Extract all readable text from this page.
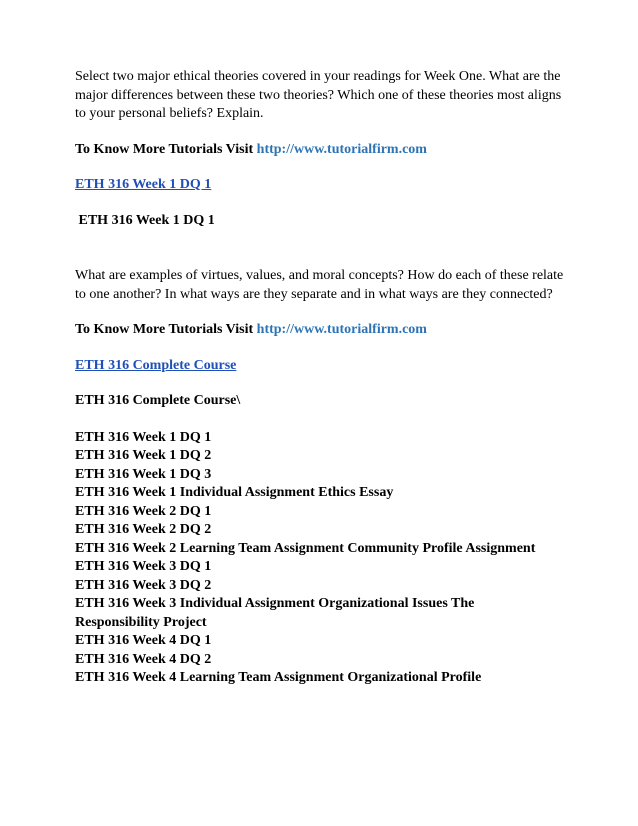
Select two major ethical theories covered in your readings for Week One. What are the major differences between these two theories? Which one of these theories most aligns to your personal beliefs? Explain.

To Know More Tutorials Visit http://www.tutorialfirm.com

ETH 316 Week 1 DQ 1

ETH 316 Week 1 DQ 1

What are examples of virtues, values, and moral concepts? How do each of these relate to one another? In what ways are they separate and in what ways are they connected?

To Know More Tutorials Visit http://www.tutorialfirm.com

ETH 316 Complete Course

ETH 316 Complete Course\

ETH 316 Week 1 DQ 1
ETH 316 Week 1 DQ 2
ETH 316 Week 1 DQ 3
ETH 316 Week 1 Individual Assignment Ethics Essay
ETH 316 Week 2 DQ 1
ETH 316 Week 2 DQ 2
ETH 316 Week 2 Learning Team Assignment Community Profile Assignment
ETH 316 Week 3 DQ 1
ETH 316 Week 3 DQ 2
ETH 316 Week 3 Individual Assignment Organizational Issues The Responsibility Project
ETH 316 Week 4 DQ 1
ETH 316 Week 4 DQ 2
ETH 316 Week 4 Learning Team Assignment Organizational Profile
